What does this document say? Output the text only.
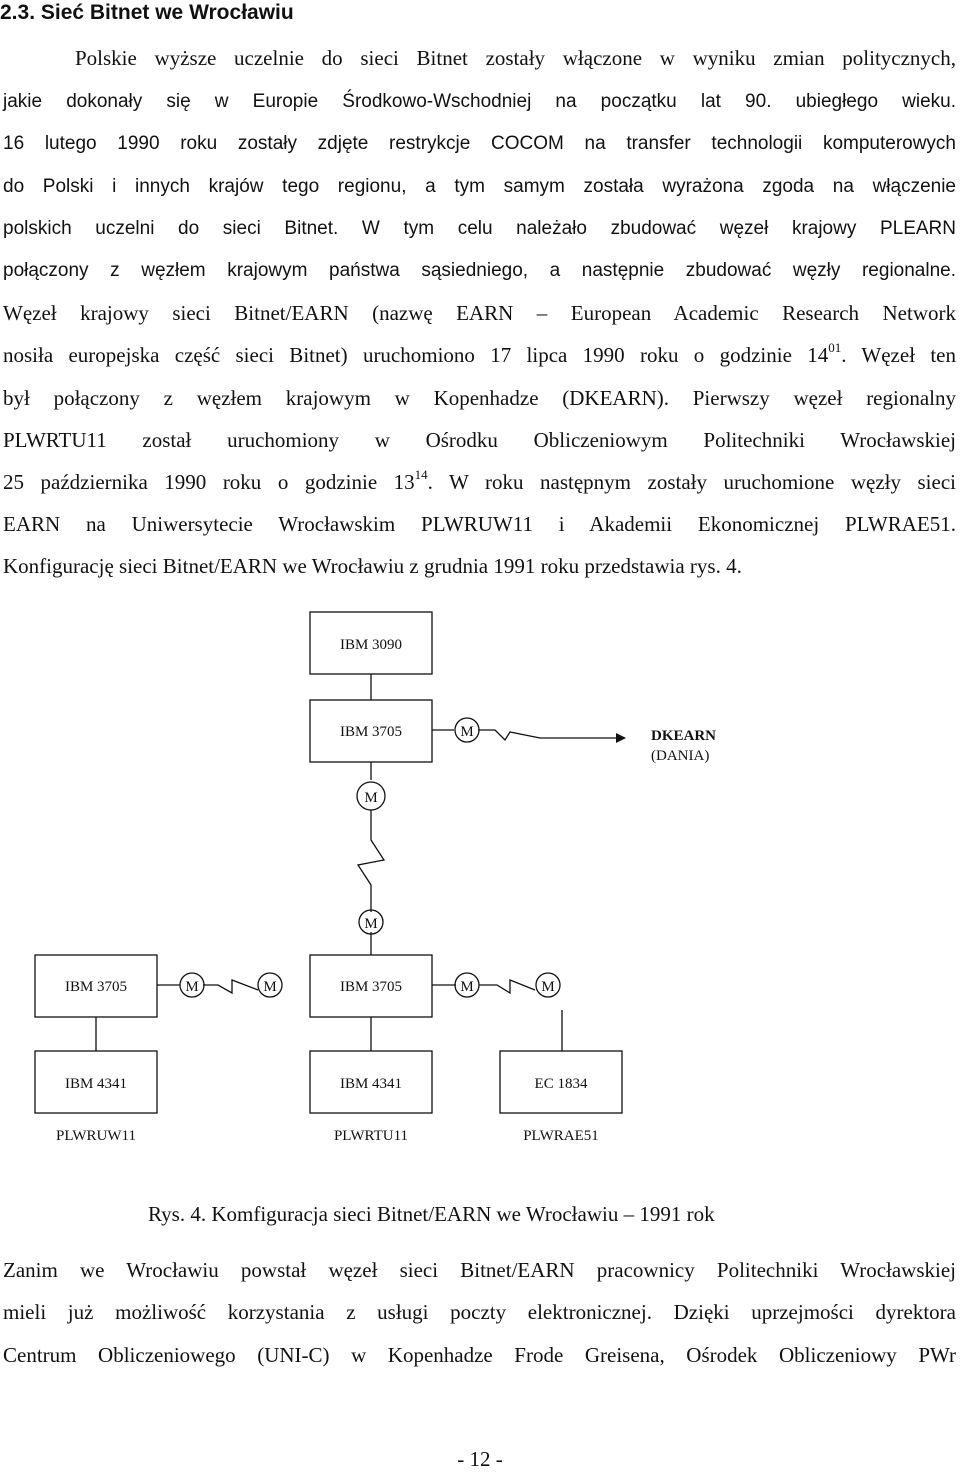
2.3. Sieć Bitnet we Wrocławiu
Polskie wyższe uczelnie do sieci Bitnet zostały włączone w wyniku zmian politycznych,
jakie dokonały się w Europie Środkowo-Wschodniej na początku lat 90. ubiegłego wieku.
16 lutego 1990 roku zostały zdjęte restrykcje COCOM na transfer technologii komputerowych
do Polski i innych krajów tego regionu, a tym samym została wyrażona zgoda na włączenie
polskich uczelni do sieci Bitnet. W tym celu należało zbudować węzeł krajowy PLEARN
połączony z węzłem krajowym państwa sąsiedniego, a następnie zbudować węzły regionalne.
Węzeł krajowy sieci Bitnet/EARN (nazwę EARN – European Academic Research Network
nosiła europejska część sieci Bitnet) uruchomiono 17 lipca 1990 roku o godzinie $14^{01}$. Węzeł ten
był połączony z węzłem krajowym w Kopenhadze (DKEARN). Pierwszy węzeł regionalny
PLWRTU11 został uruchomiony w Ośrodku Obliczeniowym Politechniki Wrocławskiej
25 października 1990 roku o godzinie $13^{14}$. W roku następnym zostały uruchomione węzły sieci
EARN na Uniwersytecie Wrocławskim PLWRUW11 i Akademii Ekonomicznej PLWRAE51.
Konfigurację sieci Bitnet/EARN we Wrocławiu z grudnia 1991 roku przedstawia rys. 4.
IBM 3090
IBM 3705
IBM 3705	IBM 3705
IBM 4341	IBM 4341	EC 1834
PLWRUW11	PLWRTU11	PLWRAE51
M
M
M
M	M	M	M
DKEARN
(DANIA)
Rys. 4. Komfiguracja sieci Bitnet/EARN we Wrocławiu – 1991 rok
Zanim we Wrocławiu powstał węzeł sieci Bitnet/EARN pracownicy Politechniki Wrocławskiej
mieli już możliwość korzystania z usługi poczty elektronicznej. Dzięki uprzejmości dyrektora
Centrum Obliczeniowego (UNI-C) w Kopenhadze Frode Greisena, Ośrodek Obliczeniowy PWr
- 12 -
